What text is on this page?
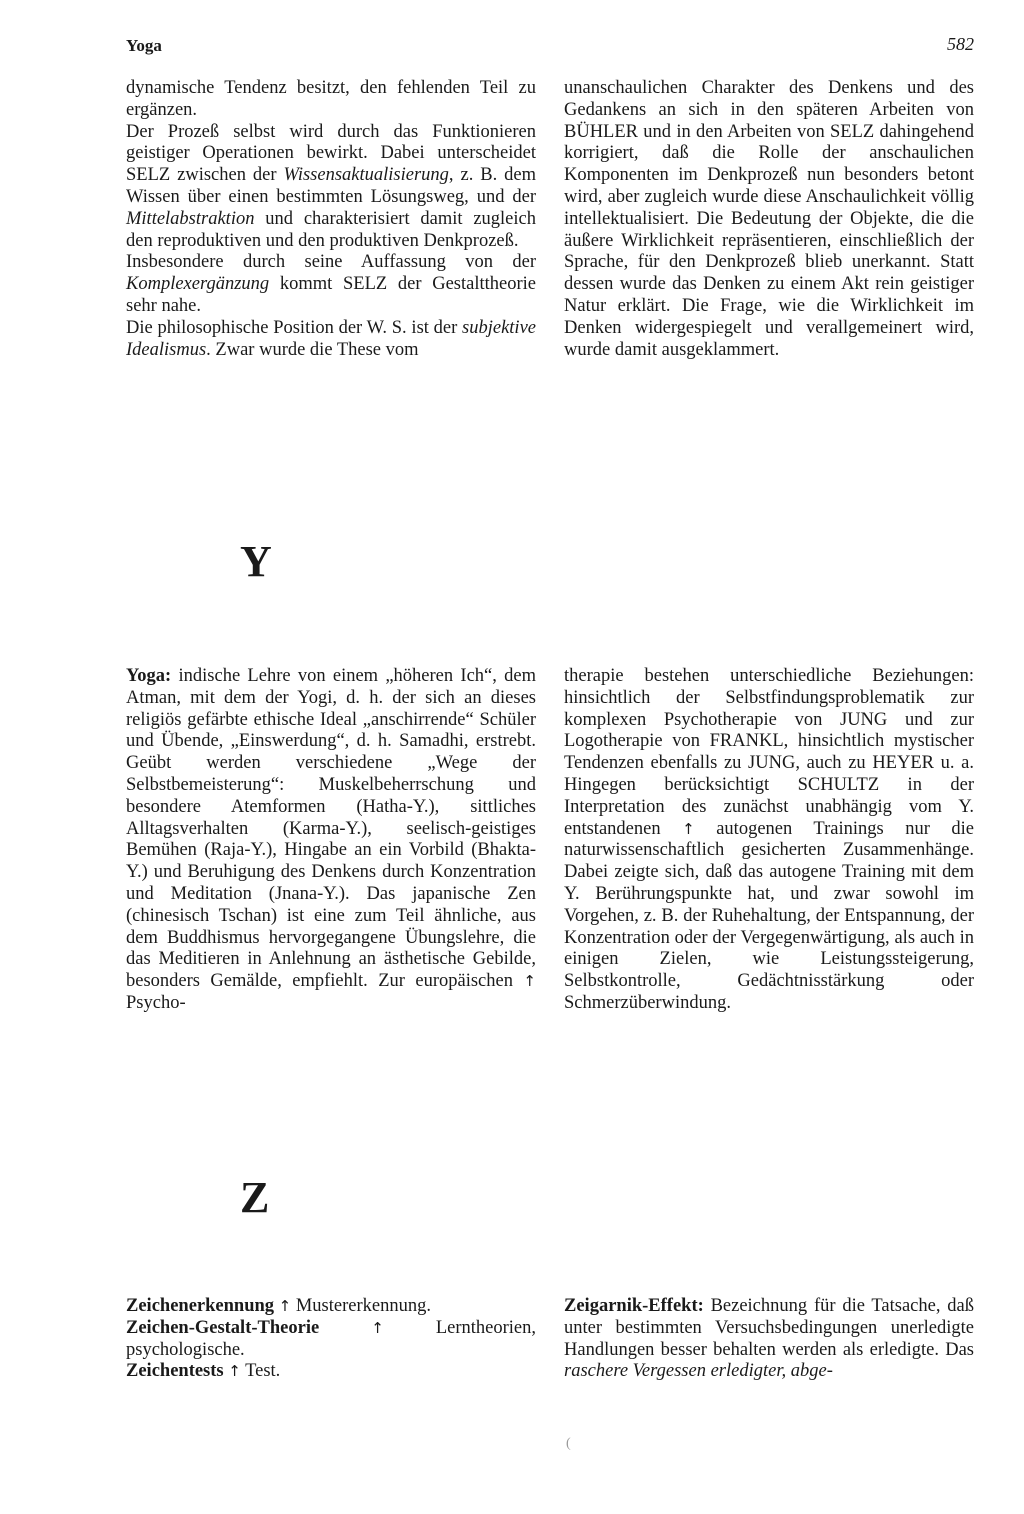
Yoga	582

dynamische Tendenz besitzt, den fehlenden Teil zu ergänzen.

Der Prozeß selbst wird durch das Funktionieren geistiger Operationen bewirkt. Dabei unterscheidet SELZ zwischen der Wissensaktualisierung, z. B. dem Wissen über einen bestimmten Lösungsweg, und der Mittelabstraktion und charakterisiert damit zugleich den reproduktiven und den produktiven Denkprozeß.

Insbesondere durch seine Auffassung von der Komplexergänzung kommt SELZ der Gestalttheorie sehr nahe.

Die philosophische Position der W. S. ist der subjektive Idealismus. Zwar wurde die These vom

unanschaulichen Charakter des Denkens und des Gedankens an sich in den späteren Arbeiten von BÜHLER und in den Arbeiten von SELZ dahingehend korrigiert, daß die Rolle der anschaulichen Komponenten im Denkprozeß nun besonders betont wird, aber zugleich wurde diese Anschaulichkeit völlig intellektualisiert. Die Bedeutung der Objekte, die die äußere Wirklichkeit repräsentieren, einschließlich der Sprache, für den Denkprozeß blieb unerkannt. Statt dessen wurde das Denken zu einem Akt rein geistiger Natur erklärt. Die Frage, wie die Wirklichkeit im Denken widergespiegelt und verallgemeinert wird, wurde damit ausgeklammert.

Y

Yoga: indische Lehre von einem „höheren Ich“, dem Atman, mit dem der Yogi, d. h. der sich an dieses religiös gefärbte ethische Ideal „anschirrende“ Schüler und Übende, „Einswerdung“, d. h. Samadhi, erstrebt. Geübt werden verschiedene „Wege der Selbstbemeisterung“: Muskelbeherrschung und besondere Atemformen (Hatha-Y.), sittliches Alltagsverhalten (Karma-Y.), seelisch-geistiges Bemühen (Raja-Y.), Hingabe an ein Vorbild (Bhakta-Y.) und Beruhigung des Denkens durch Konzentration und Meditation (Jnana-Y.). Das japanische Zen (chinesisch Tschan) ist eine zum Teil ähnliche, aus dem Buddhismus hervorgegangene Übungslehre, die das Meditieren in Anlehnung an ästhetische Gebilde, besonders Gemälde, empfiehlt. Zur europäischen ↑ Psycho-

therapie bestehen unterschiedliche Beziehungen: hinsichtlich der Selbstfindungsproblematik zur komplexen Psychotherapie von JUNG und zur Logotherapie von FRANKL, hinsichtlich mystischer Tendenzen ebenfalls zu JUNG, auch zu HEYER u. a. Hingegen berücksichtigt SCHULTZ in der Interpretation des zunächst unabhängig vom Y. entstandenen ↑ autogenen Trainings nur die naturwissenschaftlich gesicherten Zusammenhänge. Dabei zeigte sich, daß das autogene Training mit dem Y. Berührungspunkte hat, und zwar sowohl im Vorgehen, z. B. der Ruhehaltung, der Entspannung, der Konzentration oder der Vergegenwärtigung, als auch in einigen Zielen, wie Leistungssteigerung, Selbstkontrolle, Gedächtnisstärkung oder Schmerzüberwindung.

Z

Zeichenerkennung ↑ Mustererkennung.

Zeichen-Gestalt-Theorie	↑ Lerntheorien, psychologische.

Zeichentests ↑ Test.

Zeigarnik-Effekt: Bezeichnung für die Tatsache, daß unter bestimmten Versuchsbedingungen unerledigte Handlungen besser behalten werden als erledigte. Das raschere Vergessen erledigter, abge-

(
